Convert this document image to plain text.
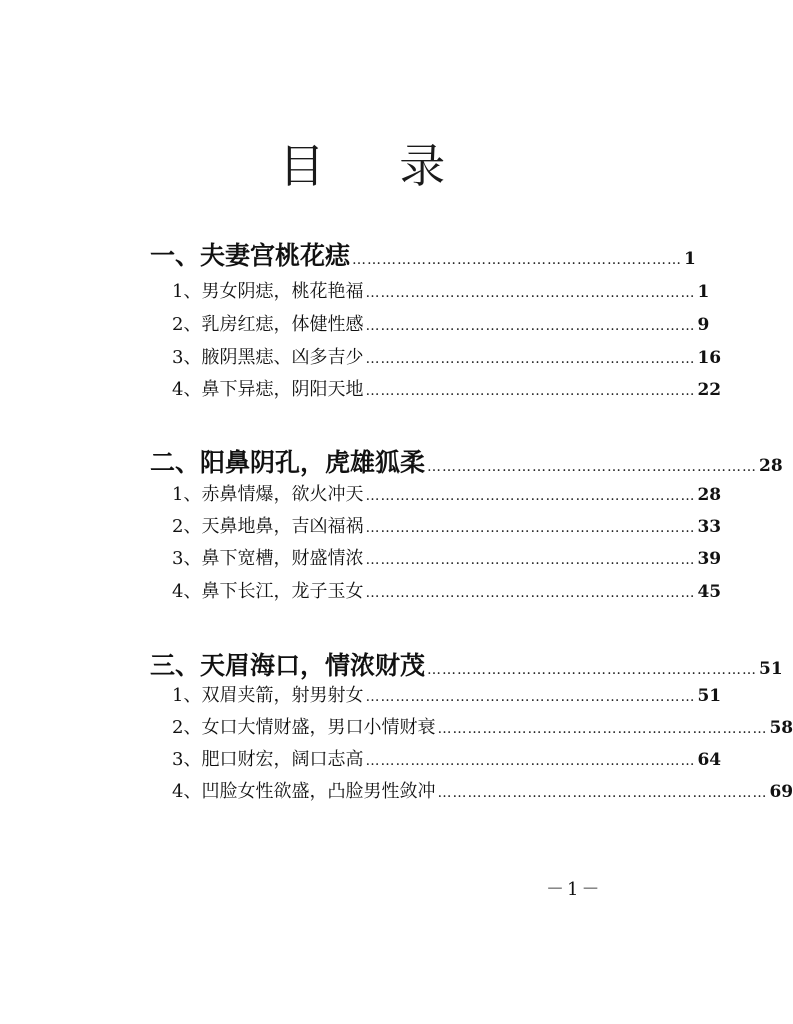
目 录
一、夫妻宫桃花痣 ………………………………………………………… 1
1、男女阴痣，桃花艳福 ………………………………………………………… 1
2、乳房红痣，体健性感 ………………………………………………………… 9
3、腋阴黑痣、凶多吉少 ………………………………………………………… 16
4、鼻下异痣，阴阳天地 ………………………………………………………… 22
二、阳鼻阴孔，虎雄狐柔 ………………………………………………………… 28
1、赤鼻情爆，欲火冲天 ………………………………………………………… 28
2、天鼻地鼻，吉凶福祸 ………………………………………………………… 33
3、鼻下宽槽，财盛情浓 ………………………………………………………… 39
4、鼻下长江，龙子玉女 ………………………………………………………… 45
三、天眉海口，情浓财茂 ………………………………………………………… 51
1、双眉夹箭，射男射女 ………………………………………………………… 51
2、女口大情财盛，男口小情财衰 ………………………………………………………… 58
3、肥口财宏，阔口志高 ………………………………………………………… 64
4、凹脸女性欲盛，凸脸男性敛冲 ………………………………………………………… 69
－1－
